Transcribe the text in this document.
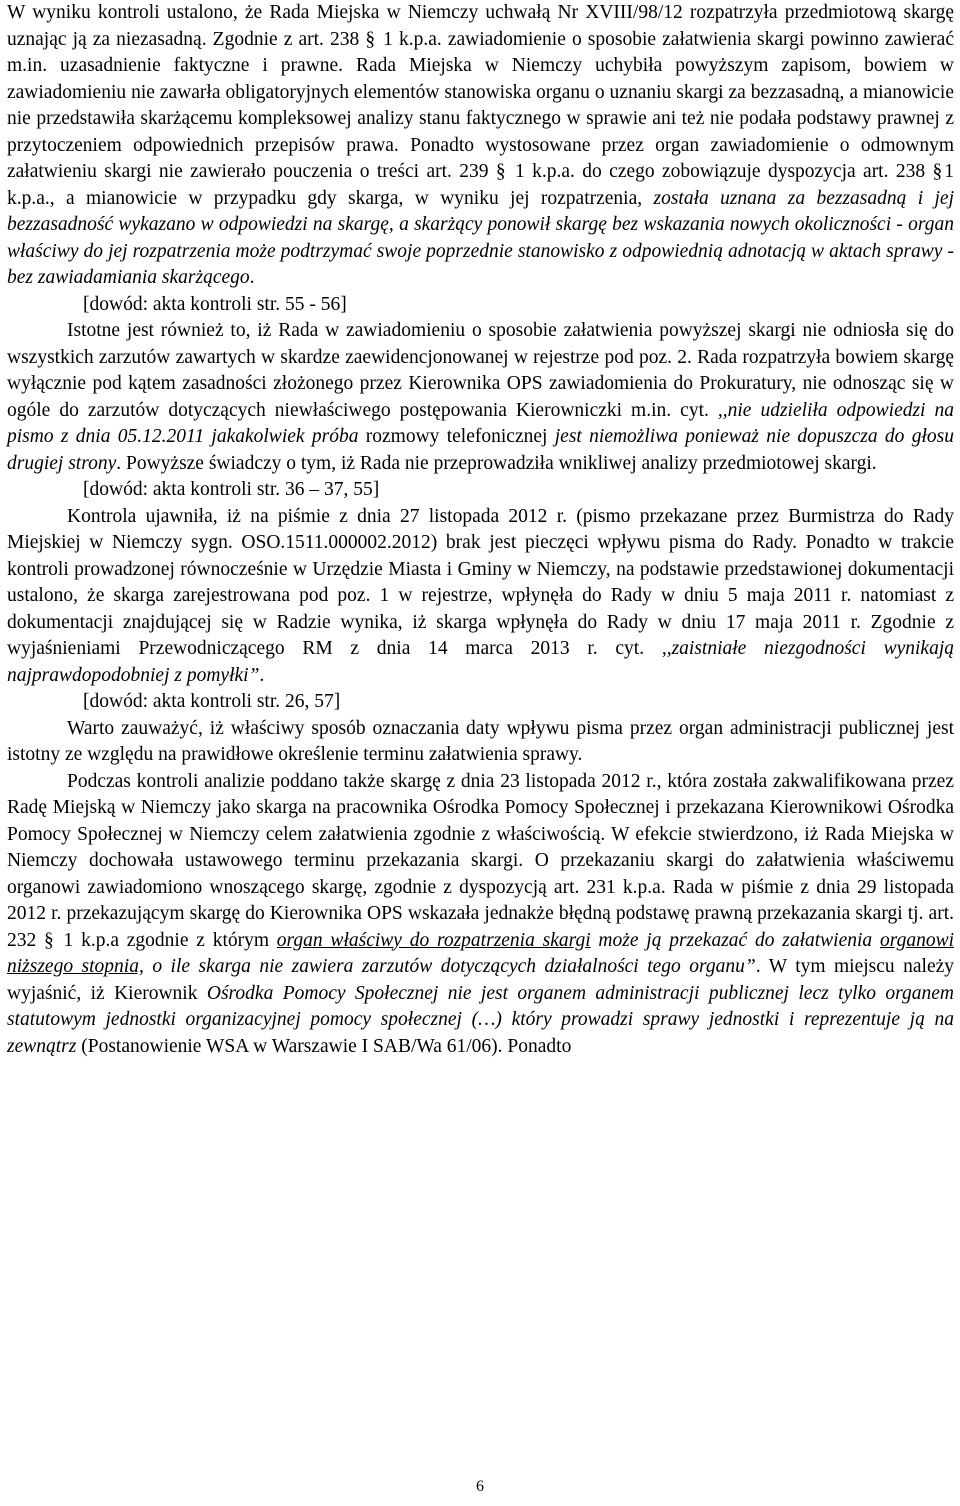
W wyniku kontroli ustalono, że Rada Miejska w Niemczy uchwałą Nr XVIII/98/12 rozpatrzyła przedmiotową skargę uznając ją za niezasadną. Zgodnie z art. 238 § 1 k.p.a. zawiadomienie o sposobie załatwienia skargi powinno zawierać m.in. uzasadnienie faktyczne i prawne. Rada Miejska w Niemczy uchybiła powyższym zapisom, bowiem w zawiadomieniu nie zawarła obligatoryjnych elementów stanowiska organu o uznaniu skargi za bezzasadną, a mianowicie nie przedstawiła skarżącemu kompleksowej analizy stanu faktycznego w sprawie ani też nie podała podstawy prawnej z przytoczeniem odpowiednich przepisów prawa. Ponadto wystosowane przez organ zawiadomienie o odmownym załatwieniu skargi nie zawierało pouczenia o treści art. 239 § 1 k.p.a. do czego zobowiązuje dyspozycja art. 238 §1 k.p.a., a mianowicie w przypadku gdy skarga, w wyniku jej rozpatrzenia, została uznana za bezzasadną i jej bezzasadność wykazano w odpowiedzi na skargę, a skarżący ponowił skargę bez wskazania nowych okoliczności - organ właściwy do jej rozpatrzenia może podtrzymać swoje poprzednie stanowisko z odpowiednią adnotacją w aktach sprawy - bez zawiadamiania skarżącego.

[dowód: akta kontroli str. 55 - 56]

Istotne jest również to, iż Rada w zawiadomieniu o sposobie załatwienia powyższej skargi nie odniosła się do wszystkich zarzutów zawartych w skardze zaewidencjonowanej w rejestrze pod poz. 2. Rada rozpatrzyła bowiem skargę wyłącznie pod kątem zasadności złożonego przez Kierownika OPS zawiadomienia do Prokuratury, nie odnosząc się w ogóle do zarzutów dotyczących niewłaściwego postępowania Kierowniczki m.in. cyt. ,,nie udzieliła odpowiedzi na pismo z dnia 05.12.2011 jakakolwiek próba rozmowy telefonicznej jest niemożliwa ponieważ nie dopuszcza do głosu drugiej strony. Powyższe świadczy o tym, iż Rada nie przeprowadziła wnikliwej analizy przedmiotowej skargi.

[dowód: akta kontroli str. 36 – 37, 55]

Kontrola ujawniła, iż na piśmie z dnia 27 listopada 2012 r. (pismo przekazane przez Burmistrza do Rady Miejskiej w Niemczy sygn. OSO.1511.000002.2012) brak jest pieczęci wpływu pisma do Rady. Ponadto w trakcie kontroli prowadzonej równocześnie w Urzędzie Miasta i Gminy w Niemczy, na podstawie przedstawionej dokumentacji ustalono, że skarga zarejestrowana pod poz. 1 w rejestrze, wpłynęła do Rady w dniu 5 maja 2011 r. natomiast z dokumentacji znajdującej się w Radzie wynika, iż skarga wpłynęła do Rady w dniu 17 maja 2011 r. Zgodnie z wyjaśnieniami Przewodniczącego RM z dnia 14 marca 2013 r. cyt. ,,zaistniałe niezgodności wynikają najprawdopodobniej z pomyłki”.

[dowód: akta kontroli str. 26, 57]

Warto zauważyć, iż właściwy sposób oznaczania daty wpływu pisma przez organ administracji publicznej jest istotny ze względu na prawidłowe określenie terminu załatwienia sprawy.

Podczas kontroli analizie poddano także skargę z dnia 23 listopada 2012 r., która została zakwalifikowana przez Radę Miejską w Niemczy jako skarga na pracownika Ośrodka Pomocy Społecznej i przekazana Kierownikowi Ośrodka Pomocy Społecznej w Niemczy celem załatwienia zgodnie z właściwością. W efekcie stwierdzono, iż Rada Miejska w Niemczy dochowała ustawowego terminu przekazania skargi. O przekazaniu skargi do załatwienia właściwemu organowi zawiadomiono wnoszącego skargę, zgodnie z dyspozycją art. 231 k.p.a. Rada w piśmie z dnia 29 listopada 2012 r. przekazującym skargę do Kierownika OPS wskazała jednakże błędną podstawę prawną przekazania skargi tj. art. 232 § 1 k.p.a zgodnie z którym organ właściwy do rozpatrzenia skargi może ją przekazać do załatwienia organowi niższego stopnia, o ile skarga nie zawiera zarzutów dotyczących działalności tego organu”. W tym miejscu należy wyjaśnić, iż Kierownik Ośrodka Pomocy Społecznej nie jest organem administracji publicznej lecz tylko organem statutowym jednostki organizacyjnej pomocy społecznej (…) który prowadzi sprawy jednostki i reprezentuje ją na zewnątrz (Postanowienie WSA w Warszawie I SAB/Wa 61/06). Ponadto

6
